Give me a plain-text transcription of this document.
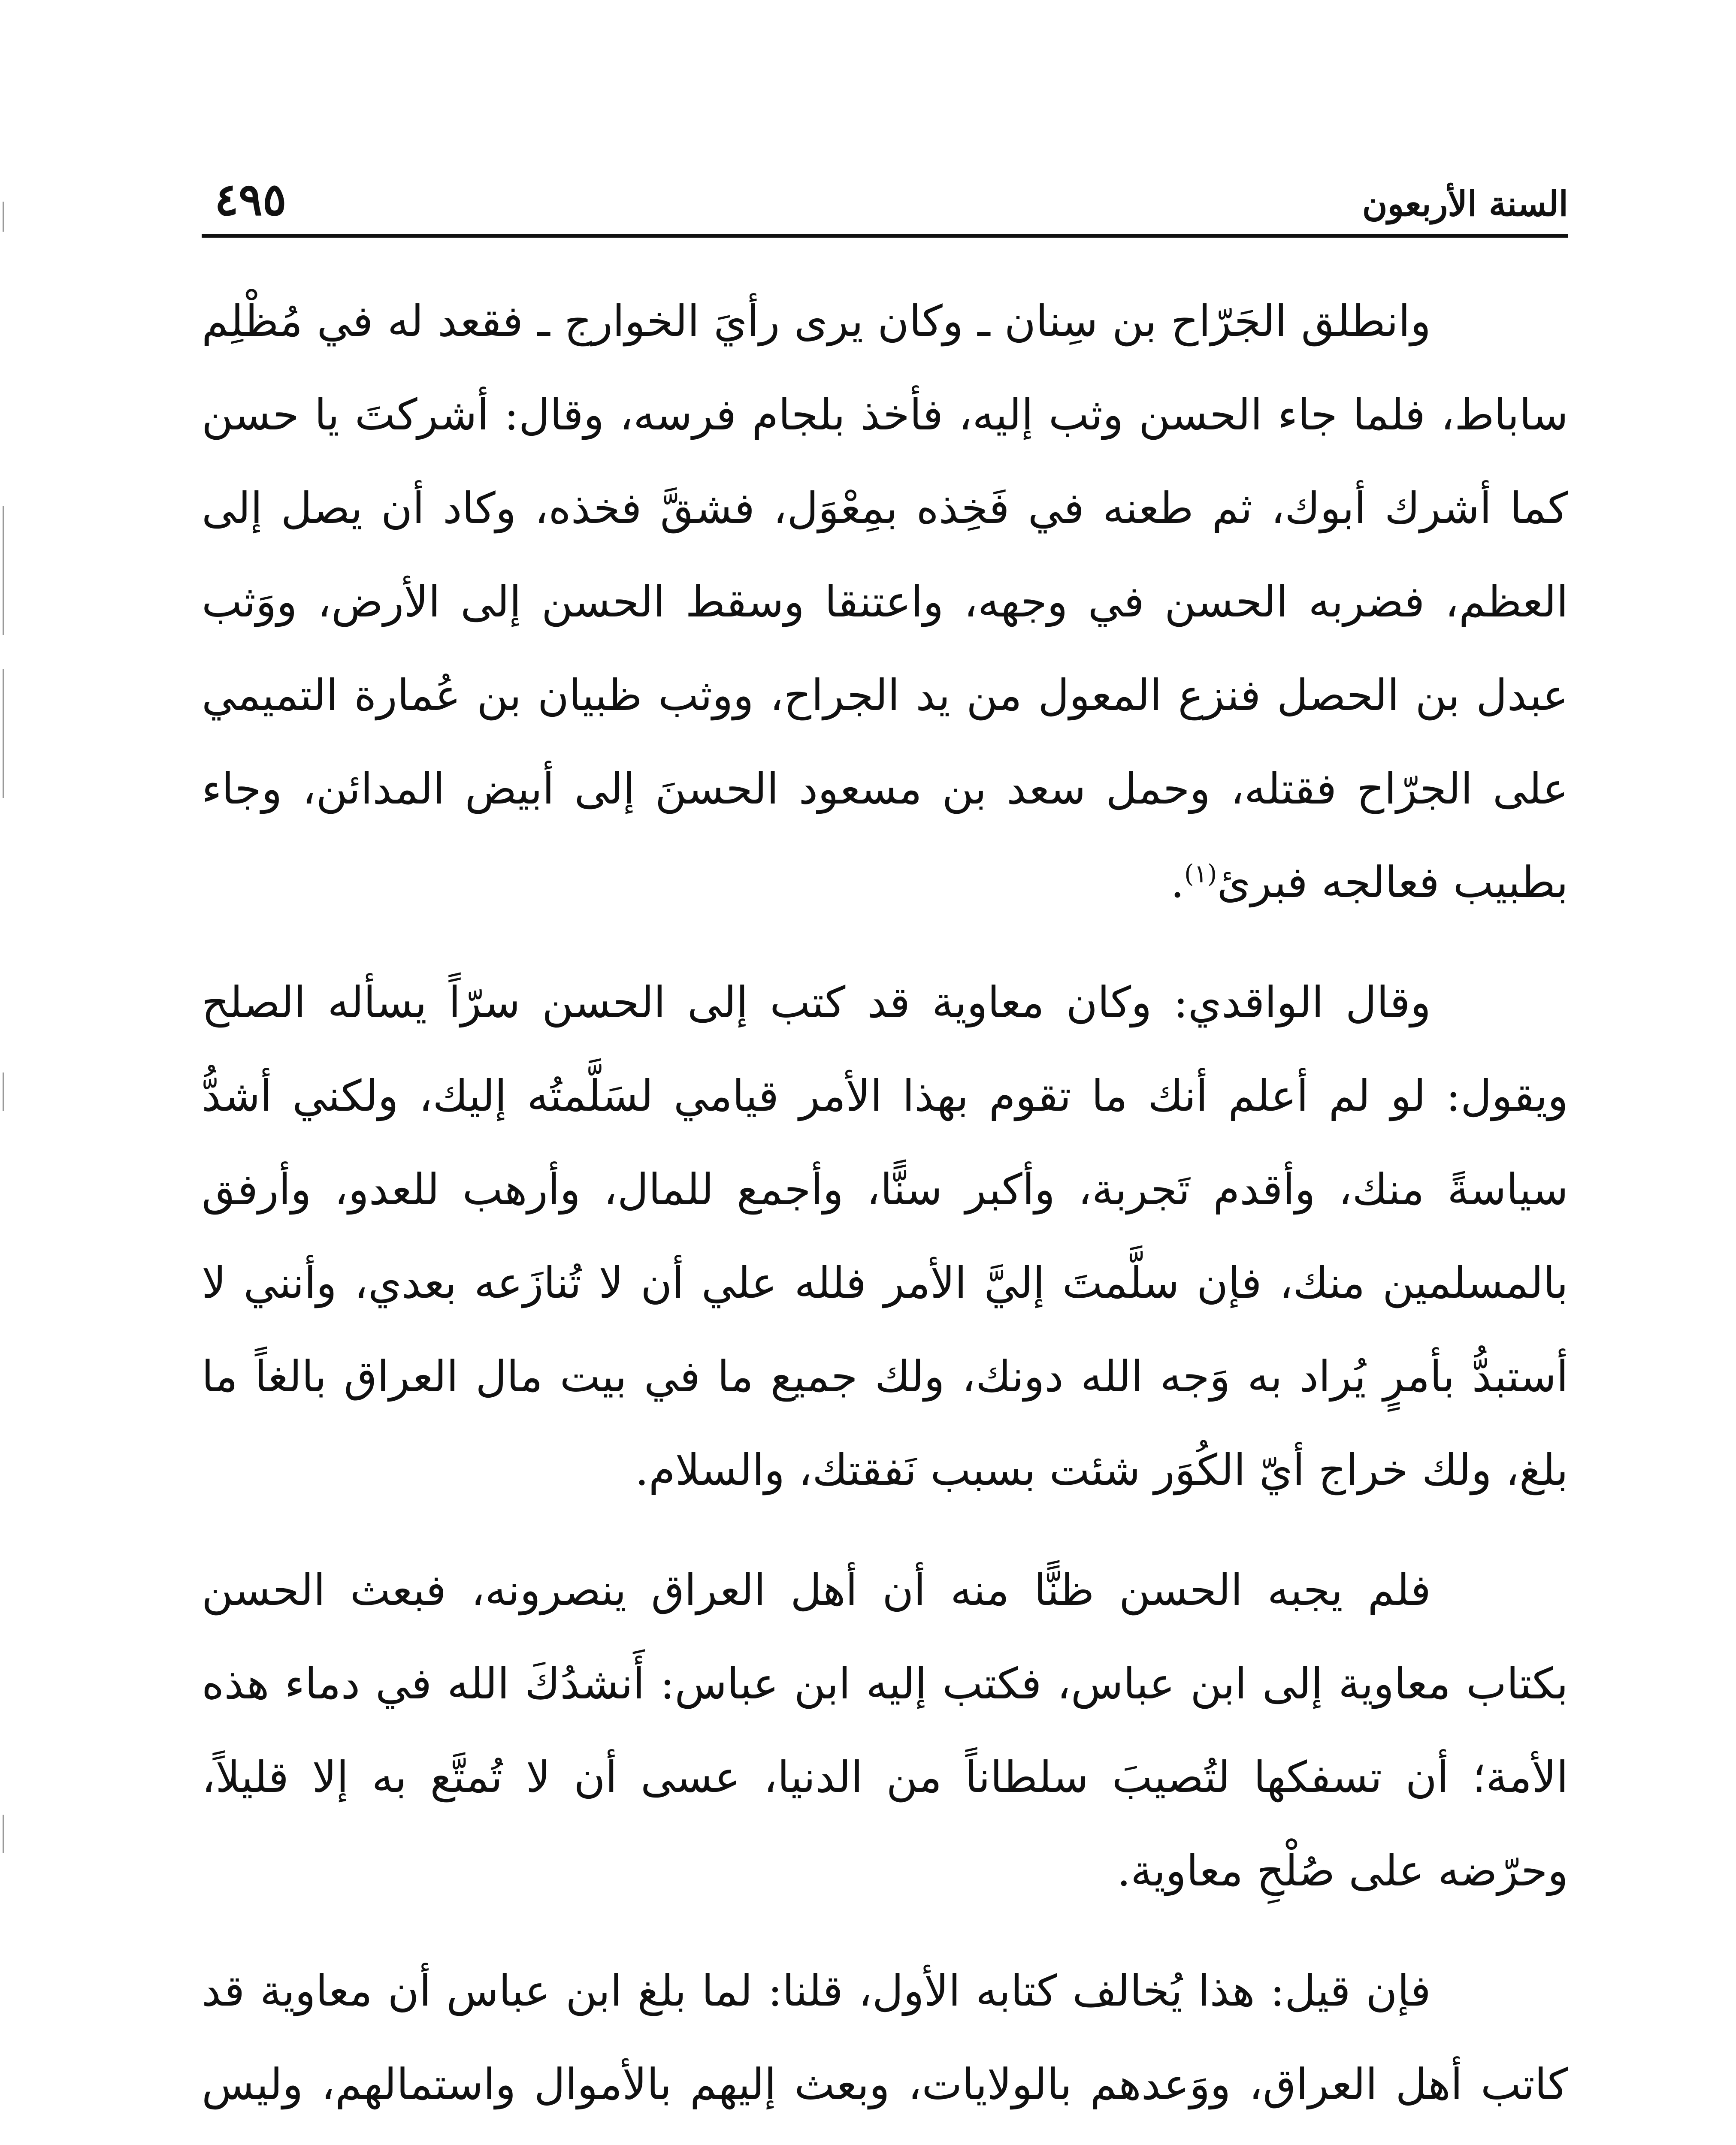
السنة الأربعون
٤٩٥

وانطلق الجَرّاح بن سِنان ـ وكان يرى رأيَ الخوارج ـ فقعد له في مُظْلِم ساباط، فلما جاء الحسن وثب إليه، فأخذ بلجام فرسه، وقال: أشركتَ يا حسن كما أشرك أبوك، ثم طعنه في فَخِذه بمِعْوَل، فشقَّ فخذه، وكاد أن يصل إلى العظم، فضربه الحسن في وجهه، واعتنقا وسقط الحسن إلى الأرض، ووَثب عبدل بن الحصل فنزع المعول من يد الجراح، ووثب ظبيان بن عُمارة التميمي على الجرّاح فقتله، وحمل سعد بن مسعود الحسنَ إلى أبيض المدائن، وجاء بطبيب فعالجه فبرئ$^{(١)}$.

وقال الواقدي: وكان معاوية قد كتب إلى الحسن سرّاً يسأله الصلح ويقول: لو لم أعلم أنك ما تقوم بهذا الأمر قيامي لسَلَّمتُه إليك، ولكني أشدُّ سياسةً منك، وأقدم تَجربة، وأكبر سنًّا، وأجمع للمال، وأرهب للعدو، وأرفق بالمسلمين منك، فإن سلَّمتَ إليَّ الأمر فلله علي أن لا تُنازَعه بعدي، وأنني لا أستبدُّ بأمرٍ يُراد به وَجه الله دونك، ولك جميع ما في بيت مال العراق بالغاً ما بلغ، ولك خراج أيّ الكُوَر شئت بسبب نَفقتك، والسلام.

فلم يجبه الحسن ظنًّا منه أن أهل العراق ينصرونه، فبعث الحسن بكتاب معاوية إلى ابن عباس، فكتب إليه ابن عباس: أَنشدُكَ الله في دماء هذه الأمة؛ أن تسفكها لتُصيبَ سلطاناً من الدنيا، عسى أن لا تُمتَّع به إلا قليلاً، وحرّضه على صُلْحِ معاوية.

فإن قيل: هذا يُخالف كتابه الأول، قلنا: لما بلغ ابن عباس أن معاوية قد كاتب أهل العراق، ووَعدهم بالولايات، وبعث إليهم بالأموال واستمالهم، وليس
